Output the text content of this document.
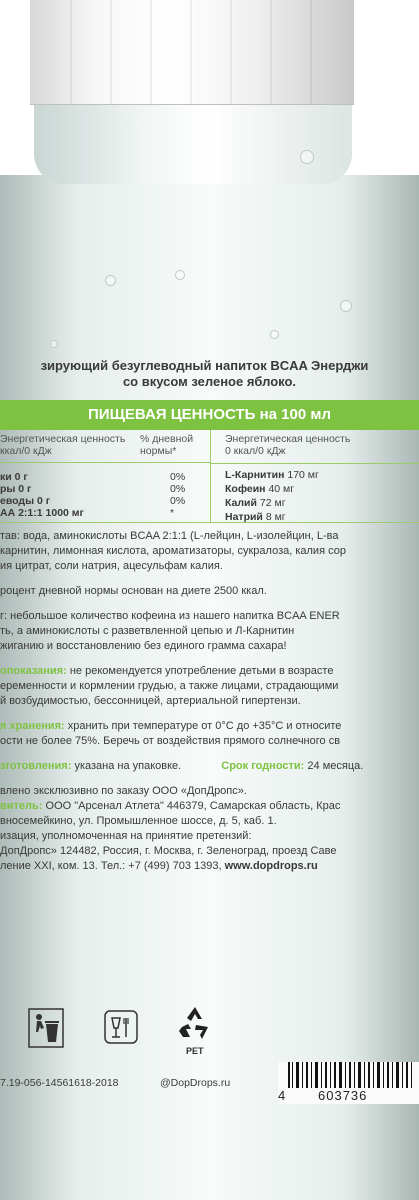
зирующий безуглеводный напиток BCAA Энерджи
со вкусом зеленое яблоко.
ПИЩЕВАЯ ЦЕННОСТЬ на 100 мл
Энергетическая ценность
ккал/0 кДж
% дневной нормы*
ки 0 г	0%
ры 0 г	0%
еводы 0 г	0%
АА 2:1:1 1000 мг	*
Энергетическая ценность
0 ккал/0 кДж
L-Карнитин 170 мг
Кофеин 40 мг
Калий 72 мг
Натрий 8 мг

тав: вода, аминокислоты BCAA 2:1:1 (L-лейцин, L-изолейцин, L-ва
карнитин, лимонная кислота, ароматизаторы, сукралоза, калия сор
ия цитрат, соли натрия, ацесульфам калия.

роцент дневной нормы основан на диете 2500 ккал.

г: небольшое количество кофеина из нашего напитка BCAA ENER
ть, а аминокислоты с разветвленной цепью и Л-Карнитин
жиганию и восстановлению без единого грамма сахара!

опоказания: не рекомендуется употребление детьми в возрасте
еременности и кормлении грудью, а также лицами, страдающими
й возбудимостью, бессонницей, артериальной гипертензи.

я хранения: хранить при температуре от 0°С до +35°С и относите
ости не более 75%. Беречь от воздействия прямого солнечного св

зготовления: указана на упаковке.	Срок годности: 24 месяца.

влено эксклюзивно по заказу ООО «ДопДропс».
витель: ООО "Арсенал Атлета" 446379, Самарская область, Крас
вносемейкино, ул. Промышленное шоссе, д. 5, каб. 1.
изация, уполномоченная на принятие претензий:
ДопДропс» 124482, Россия, г. Москва, г. Зеленоград, проезд Саве
ление XXI, ком. 13. Тел.: +7 (499) 703 1393, www.dopdrops.ru

PET
7.19-056-14561618-2018	@DopDrops.ru
4	603736
